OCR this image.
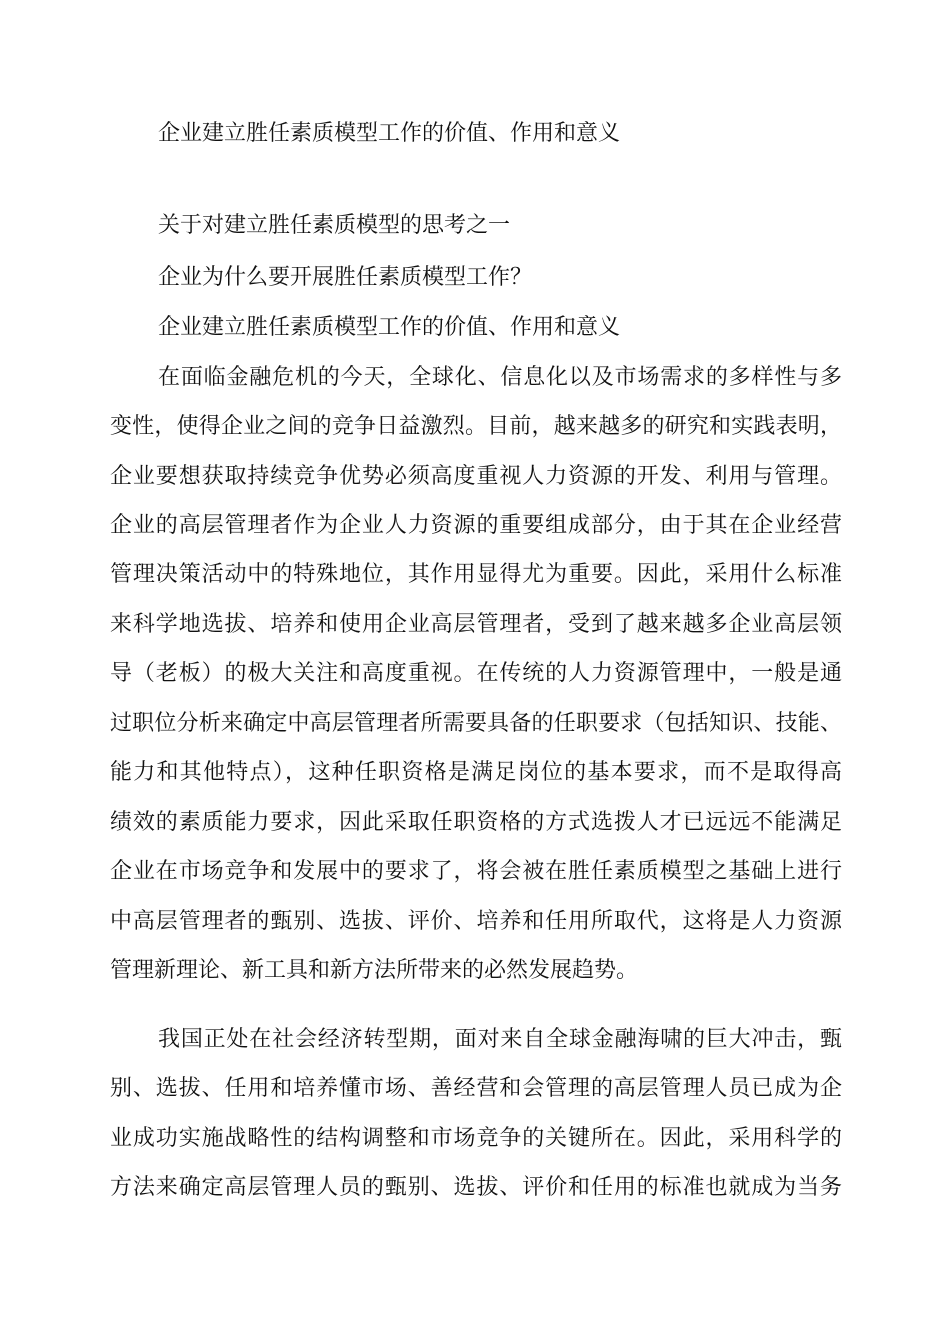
企业建立胜任素质模型工作的价值、作用和意义

关于对建立胜任素质模型的思考之一

企业为什么要开展胜任素质模型工作？

企业建立胜任素质模型工作的价值、作用和意义

在面临金融危机的今天，全球化、信息化以及市场需求的多样性与多

变性，使得企业之间的竞争日益激烈。目前，越来越多的研究和实践表明，

企业要想获取持续竞争优势必须高度重视人力资源的开发、利用与管理。

企业的高层管理者作为企业人力资源的重要组成部分，由于其在企业经营

管理决策活动中的特殊地位，其作用显得尤为重要。因此，采用什么标准

来科学地选拔、培养和使用企业高层管理者，受到了越来越多企业高层领

导（老板）的极大关注和高度重视。在传统的人力资源管理中，一般是通

过职位分析来确定中高层管理者所需要具备的任职要求（包括知识、技能、

能力和其他特点），这种任职资格是满足岗位的基本要求，而不是取得高

绩效的素质能力要求，因此采取任职资格的方式选拨人才已远远不能满足

企业在市场竞争和发展中的要求了，将会被在胜任素质模型之基础上进行

中高层管理者的甄别、选拔、评价、培养和任用所取代，这将是人力资源

管理新理论、新工具和新方法所带来的必然发展趋势。

我国正处在社会经济转型期，面对来自全球金融海啸的巨大冲击，甄

别、选拔、任用和培养懂市场、善经营和会管理的高层管理人员已成为企

业成功实施战略性的结构调整和市场竞争的关键所在。因此，采用科学的

方法来确定高层管理人员的甄别、选拔、评价和任用的标准也就成为当务
